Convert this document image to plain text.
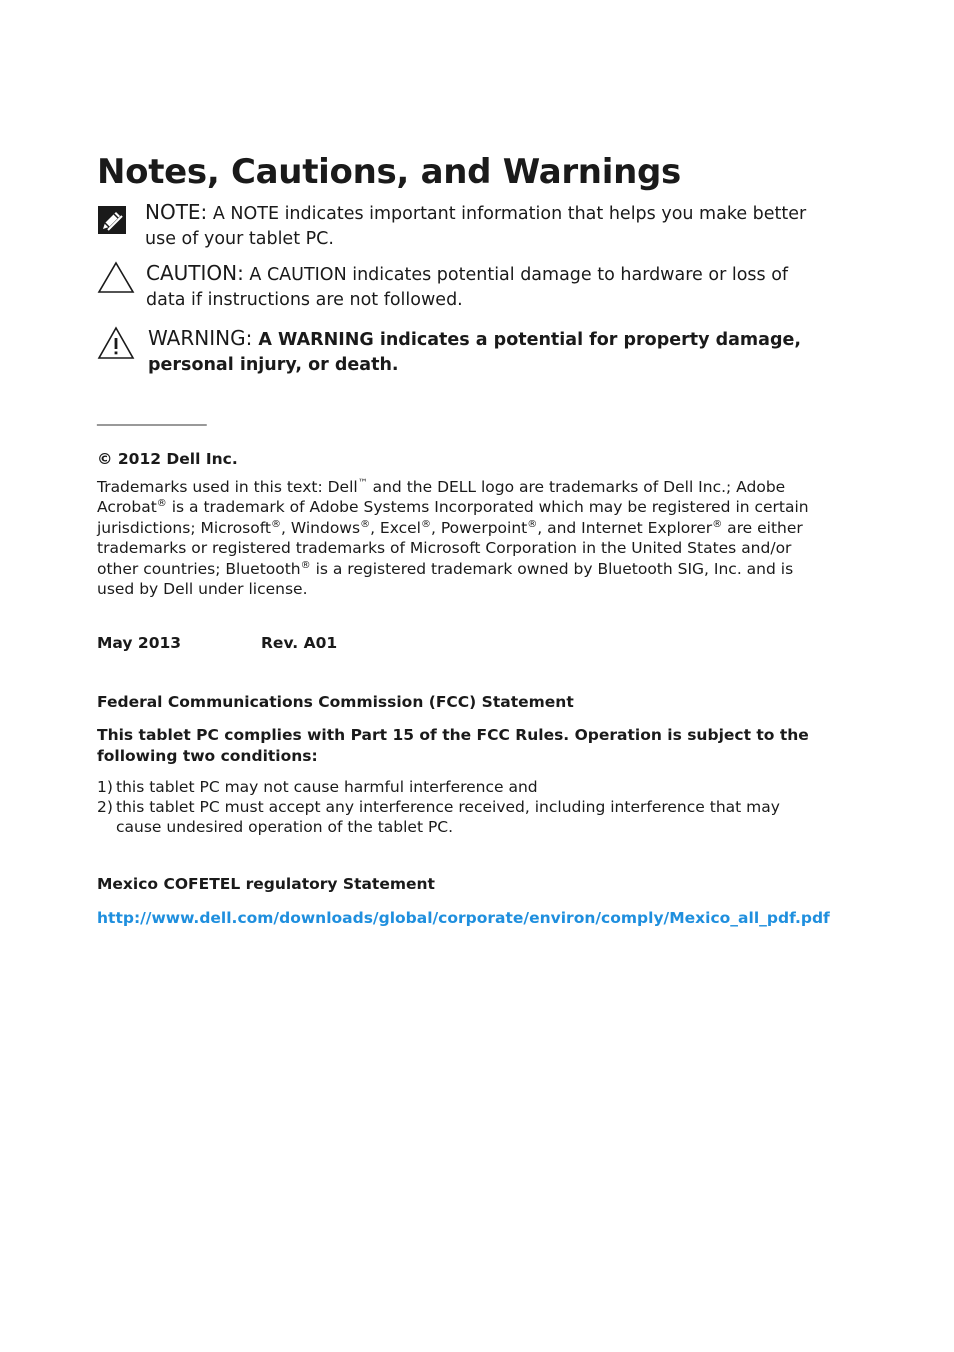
Notes, Cautions, and Warnings
NOTE: A NOTE indicates important information that helps you make better use of your tablet PC.
CAUTION: A CAUTION indicates potential damage to hardware or loss of data if instructions are not followed.
WARNING: A WARNING indicates a potential for property damage, personal injury, or death.
___________________
© 2012 Dell Inc.
Trademarks used in this text: Dell™ and the DELL logo are trademarks of Dell Inc.; Adobe Acrobat® is a trademark of Adobe Systems Incorporated which may be registered in certain jurisdictions; Microsoft®, Windows®, Excel®, Powerpoint®, and Internet Explorer® are either trademarks or registered trademarks of Microsoft Corporation in the United States and/or other countries; Bluetooth® is a registered trademark owned by Bluetooth SIG, Inc. and is used by Dell under license.
May 2013	Rev. A01
Federal Communications Commission (FCC) Statement
This tablet PC complies with Part 15 of the FCC Rules. Operation is subject to the following two conditions:
1) this tablet PC may not cause harmful interference and
2) this tablet PC must accept any interference received, including interference that may cause undesired operation of the tablet PC.
Mexico COFETEL regulatory Statement
http://www.dell.com/downloads/global/corporate/environ/comply/Mexico_all_pdf.pdf
